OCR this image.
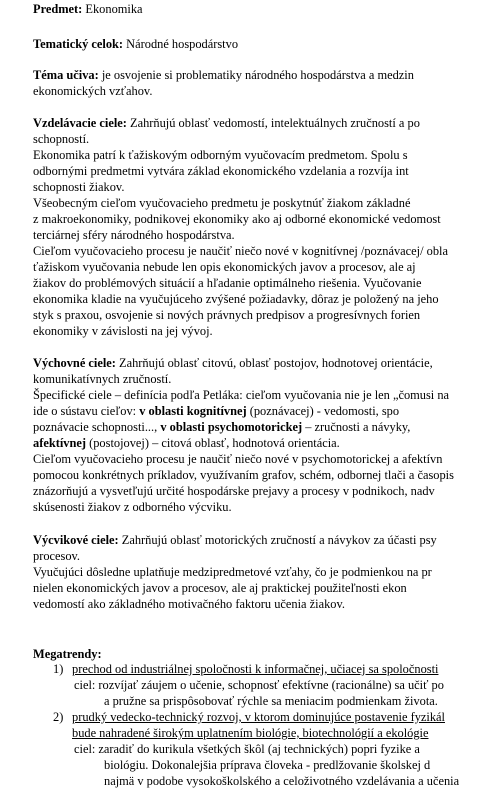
Predmet: Ekonomika
Tematický celok: Národné hospodárstvo
Téma učiva: je osvojenie si problematiky národného hospodárstva a medzin
ekonomických vzťahov.
Vzdelávacie ciele: Zahrňujú oblasť vedomostí, intelektuálnych zručností a po
schopností.
Ekonomika patrí k ťažiskovým odborným vyučovacím predmetom. Spolu s
odbornými predmetmi vytvára základ ekonomického vzdelania a rozvíja int
schopnosti žiakov.
Všeobecným cieľom vyučovacieho predmetu je poskytnúť žiakom základné
z makroekonomiky, podnikovej ekonomiky ako aj odborné ekonomické vedomost
terciárnej sféry národného hospodárstva.
Cieľom vyučovacieho procesu je naučiť niečo nové v kognitívnej /poznávacej/ obla
ťažiskom vyučovania nebude len opis ekonomických javov a procesov, ale aj
žiakov do problémových situácií a hľadanie optimálneho riešenia. Vyučovanie
ekonomika kladie na vyučujúceho zvýšené požiadavky, dôraz je položený na jeho
styk s praxou, osvojenie si nových právnych predpisov a progresívnych forien
ekonomiky v závislosti na jej vývoj.
Výchovné ciele: Zahrňujú oblasť citovú, oblasť postojov, hodnotovej orientácie,
komunikatívnych zručností.
Špecifické ciele – definícia podľa Petláka: cieľom vyučovania nie je len „čomusi na
ide o sústavu cieľov: v oblasti kognitívnej (poznávacej) - vedomosti, spo
poznávacie schopnosti..., v oblasti psychomotorickej – zručnosti a návyky,
afektívnej (postojovej) – citová oblasť, hodnotová orientácia.
Cieľom vyučovacieho procesu je naučiť niečo nové v psychomotorickej a afektívn
pomocou konkrétnych príkladov, využívaním grafov, schém, odbornej tlači a časopis
znázorňujú a vysvetľujú určité hospodárske prejavy a procesy v podnikoch, nadv
skúsenosti žiakov z odborného výcviku.
Výcvikové ciele: Zahrňujú oblasť motorických zručností a návykov za účasti psy
procesov.
Vyučujúci dôsledne uplatňuje medzipredmetové vzťahy, čo je podmienkou na pr
nielen ekonomických javov a procesov, ale aj praktickej použiteľnosti ekon
vedomostí ako základného motivačného faktoru učenia žiakov.
Megatrendy:
1) prechod od industriálnej spoločnosti k informačnej, učiacej sa spoločnosti
ciel: rozvíjať záujem o učenie, schopnosť efektívne (racionálne) sa učiť po
a pružne sa prispôsobovať rýchle sa meniacim podmienkam života.
2) prudký vedecko-technický rozvoj, v ktorom dominujúce postavenie fyzikál
bude nahradené širokým uplatnením biológie, biotechnológií a ekológie
ciel: zaradiť do kurikula všetkých škôl (aj technických) popri fyzike a
biológiu. Dokonalejšia príprava človeka - predlžovanie školskej d
najmä v podobe vysokoškolského a celoživotného vzdelávania a učenia
